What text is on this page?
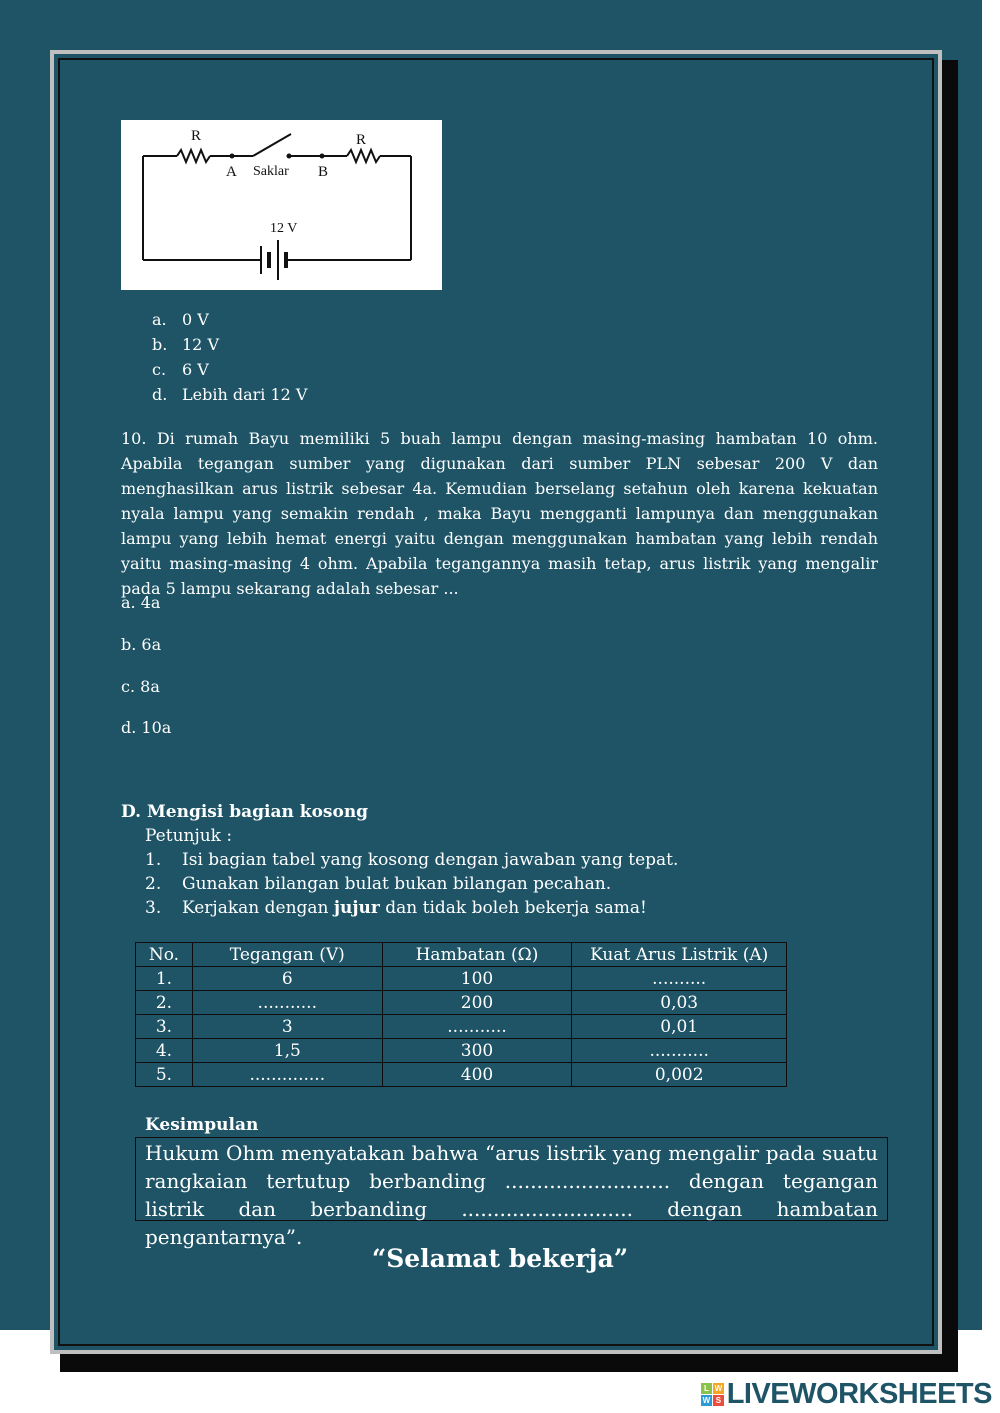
R	R
A Saklar B
12 V
a. 0 V
b. 12 V
c. 6 V
d. Lebih dari 12 V
10. Di rumah Bayu memiliki 5 buah lampu dengan masing-masing hambatan 10 ohm. Apabila tegangan sumber yang digunakan dari sumber PLN sebesar 200 V dan menghasilkan arus listrik sebesar 4a. Kemudian berselang setahun oleh karena kekuatan nyala lampu yang semakin rendah , maka Bayu mengganti lampunya dan menggunakan lampu yang lebih hemat energi yaitu dengan menggunakan hambatan yang lebih rendah yaitu masing-masing 4 ohm. Apabila tegangannya masih tetap, arus listrik yang mengalir pada 5 lampu sekarang adalah sebesar ...
a. 4a
b. 6a
c. 8a
d. 10a
D. Mengisi bagian kosong
Petunjuk :
1. Isi bagian tabel yang kosong dengan jawaban yang tepat.
2. Gunakan bilangan bulat bukan bilangan pecahan.
3. Kerjakan dengan jujur dan tidak boleh bekerja sama!
No.	Tegangan (V)	Hambatan (Ω)	Kuat Arus Listrik (A)
1.	6	100	..........
2.	...........	200	0,03
3.	3	...........	0,01
4.	1,5	300	...........
5.	..............	400	0,002
Kesimpulan
Hukum Ohm menyatakan bahwa “arus listrik yang mengalir pada suatu rangkaian tertutup berbanding .......................... dengan tegangan listrik dan berbanding ........................... dengan hambatan pengantarnya”.
“Selamat bekerja”
L W
W S LIVEWORKSHEETS
